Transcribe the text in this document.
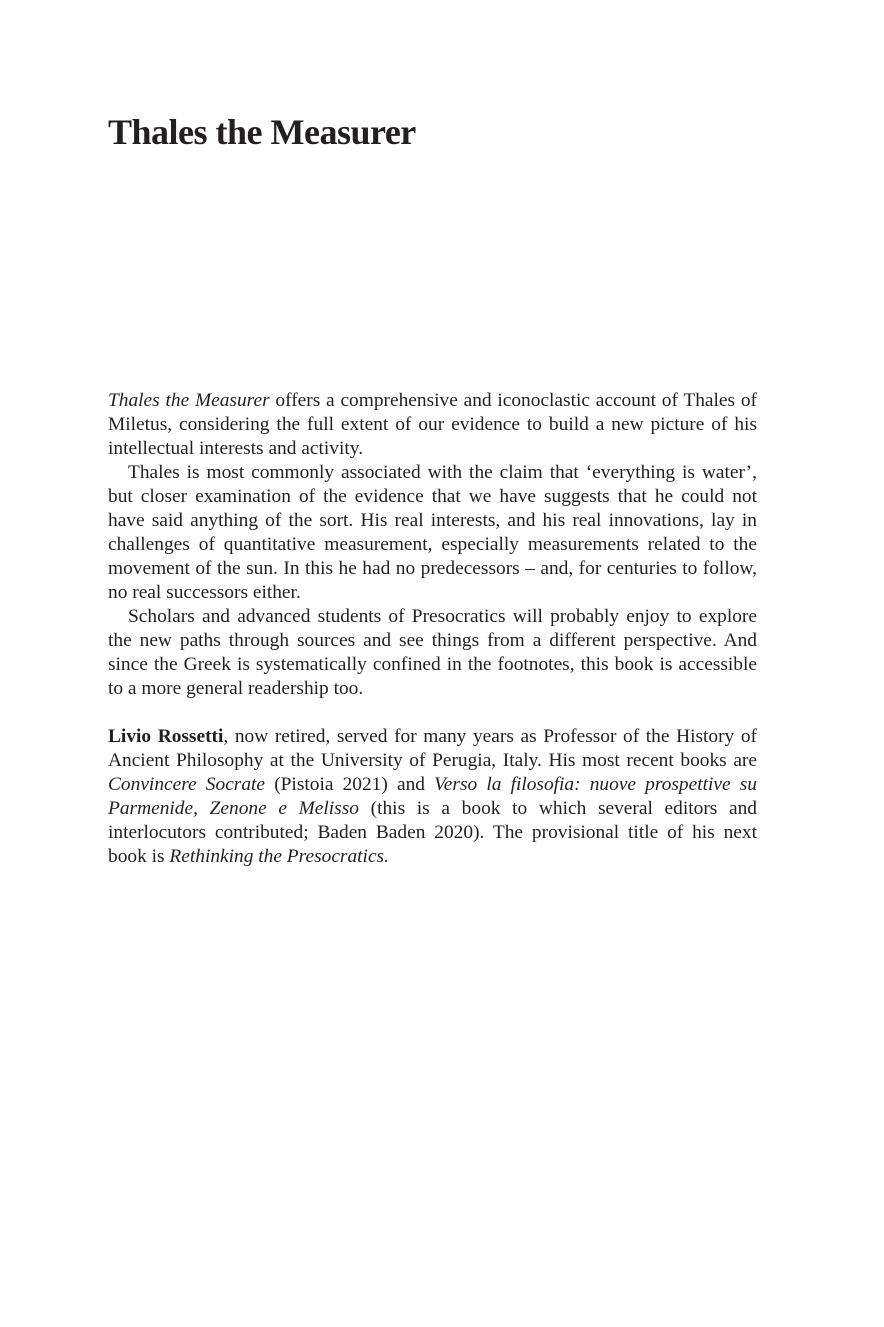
Thales the Measurer

Thales the Measurer offers a comprehensive and iconoclastic account of Thales of Miletus, considering the full extent of our evidence to build a new picture of his intellectual interests and activity.

Thales is most commonly associated with the claim that ‘everything is water’, but closer examination of the evidence that we have suggests that he could not have said anything of the sort. His real interests, and his real innovations, lay in challenges of quantitative measurement, especially measurements related to the movement of the sun. In this he had no predecessors – and, for centuries to follow, no real successors either.

Scholars and advanced students of Presocratics will probably enjoy to explore the new paths through sources and see things from a different perspective. And since the Greek is systematically confined in the footnotes, this book is accessible to a more general readership too.

Livio Rossetti, now retired, served for many years as Professor of the History of Ancient Philosophy at the University of Perugia, Italy. His most recent books are Convincere Socrate (Pistoia 2021) and Verso la filosofia: nuove prospettive su Parmenide, Zenone e Melisso (this is a book to which several editors and interlocutors contributed; Baden Baden 2020). The provisional title of his next book is Rethinking the Presocratics.
